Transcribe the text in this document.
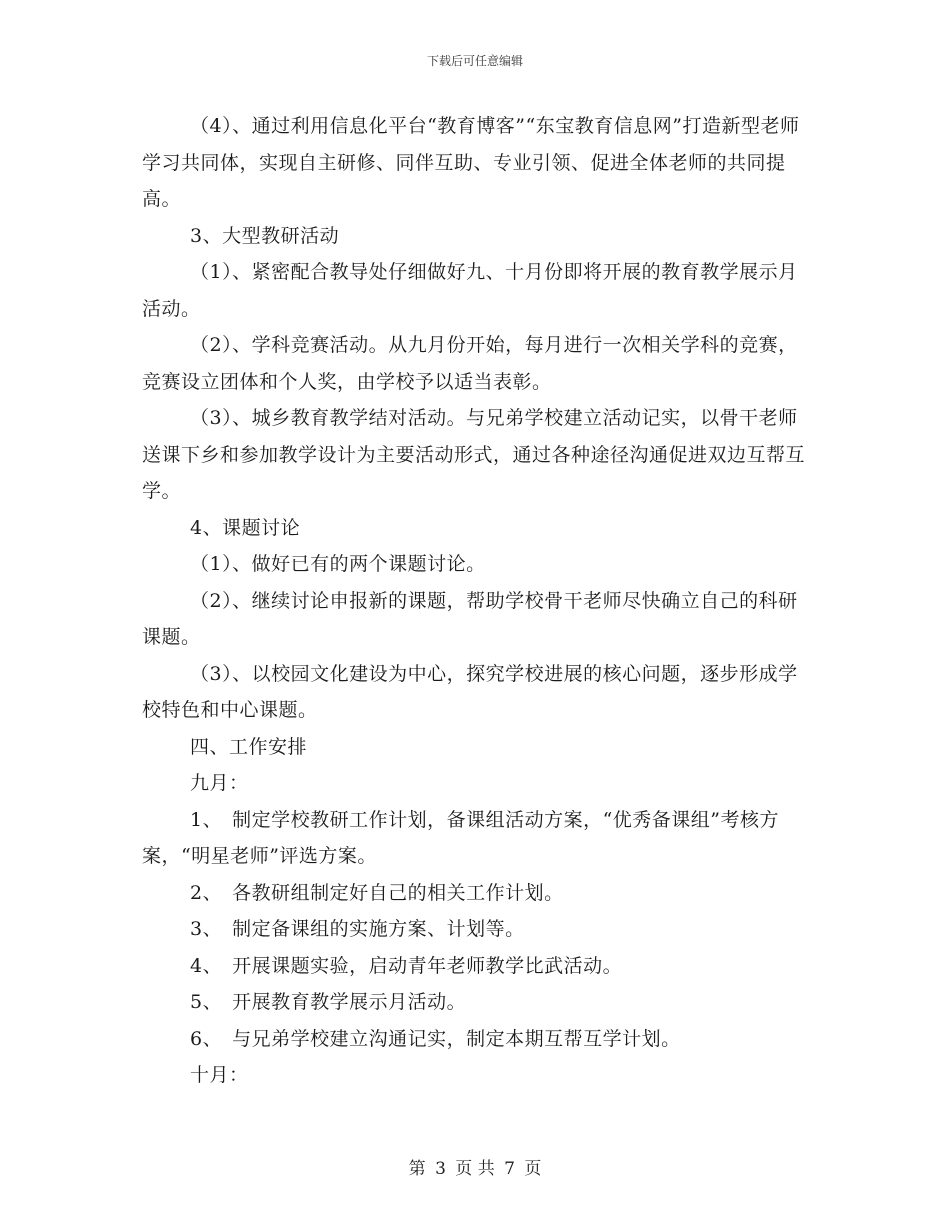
下载后可任意编辑

（4）、通过利用信息化平台“教育博客”“东宝教育信息网”打造新型老师学习共同体，实现自主研修、同伴互助、专业引领、促进全体老师的共同提高。

3、大型教研活动

（1）、紧密配合教导处仔细做好九、十月份即将开展的教育教学展示月活动。

（2）、学科竞赛活动。从九月份开始，每月进行一次相关学科的竞赛，竞赛设立团体和个人奖，由学校予以适当表彰。

（3）、城乡教育教学结对活动。与兄弟学校建立活动记实，以骨干老师送课下乡和参加教学设计为主要活动形式，通过各种途径沟通促进双边互帮互学。

4、课题讨论

（1）、做好已有的两个课题讨论。

（2）、继续讨论申报新的课题，帮助学校骨干老师尽快确立自己的科研课题。

（3）、以校园文化建设为中心，探究学校进展的核心问题，逐步形成学校特色和中心课题。

四、工作安排

九月：

1、　制定学校教研工作计划，备课组活动方案，“优秀备课组”考核方案，“明星老师”评选方案。

2、　各教研组制定好自己的相关工作计划。

3、　制定备课组的实施方案、计划等。

4、　开展课题实验，启动青年老师教学比武活动。

5、　开展教育教学展示月活动。

6、　与兄弟学校建立沟通记实，制定本期互帮互学计划。

十月：

第 3 页 共 7 页
